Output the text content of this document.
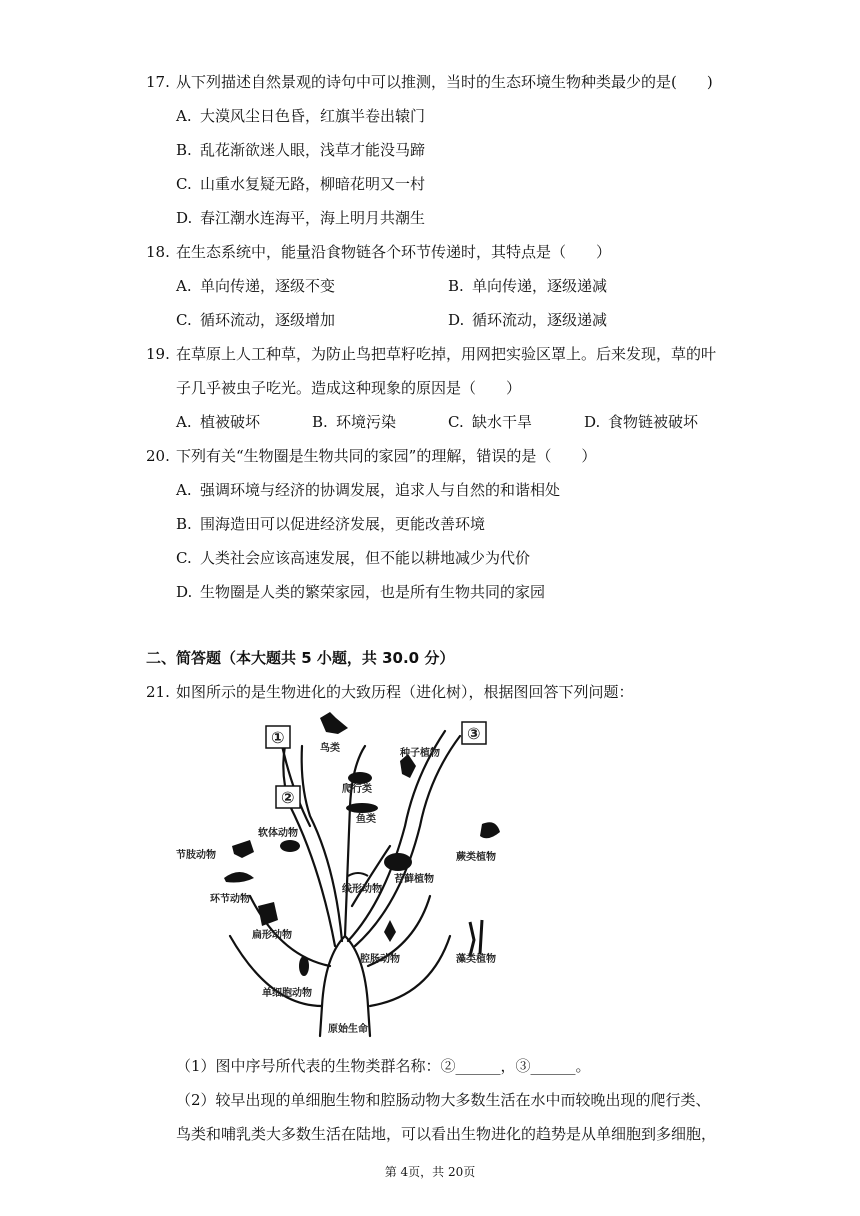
17. 从下列描述自然景观的诗句中可以推测，当时的生态环境生物种类最少的是(　　)
A. 大漠风尘日色昏，红旗半卷出辕门
B. 乱花渐欲迷人眼，浅草才能没马蹄
C. 山重水复疑无路，柳暗花明又一村
D. 春江潮水连海平，海上明月共潮生
18. 在生态系统中，能量沿食物链各个环节传递时，其特点是（　　）
A. 单向传递，逐级不变	B. 单向传递，逐级递减
C. 循环流动，逐级增加	D. 循环流动，逐级递减
19. 在草原上人工种草，为防止鸟把草籽吃掉，用网把实验区罩上。后来发现，草的叶
子几乎被虫子吃光。造成这种现象的原因是（　　）
A. 植被破坏	B. 环境污染	C. 缺水干旱	D. 食物链被破坏
20. 下列有关“生物圈是生物共同的家园”的理解，错误的是（　　）
A. 强调环境与经济的协调发展，追求人与自然的和谐相处
B. 围海造田可以促进经济发展，更能改善环境
C. 人类社会应该高速发展，但不能以耕地减少为代价
D. 生物圈是人类的繁荣家园，也是所有生物共同的家园
二、简答题（本大题共 5 小题，共 30.0 分）
21. 如图所示的是生物进化的大致历程（进化树），根据图回答下列问题：
①
②
③
鸟类
爬行类
种子植物
鱼类
软体动物
节肢动物
环节动物
苔藓植物
线形动物
蕨类植物
扁形动物
腔肠动物	藻类植物
单细胞动物
原始生命
（1）图中序号所代表的生物类群名称：②______，③______。
（2）较早出现的单细胞生物和腔肠动物大多数生活在水中而较晚出现的爬行类、
鸟类和哺乳类大多数生活在陆地，可以看出生物进化的趋势是从单细胞到多细胞，
第 4页，共 20页
